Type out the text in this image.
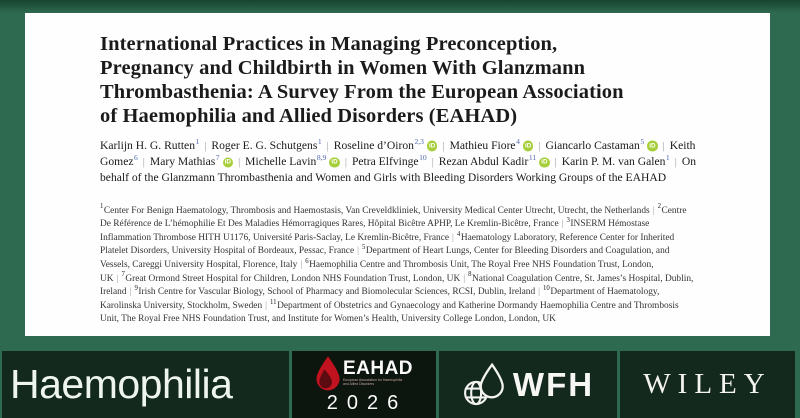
International Practices in Managing Preconception,
Pregnancy and Childbirth in Women With Glanzmann
Thrombasthenia: A Survey From the European Association
of Haemophilia and Allied Disorders (EAHAD)

Karlijn H. G. Rutten$^1$ | Roger E. G. Schutgens$^1$ | Roseline d’Oiron$^{2,3}$ iD | Mathieu Fiore$^4$ iD | Giancarlo Castaman$^5$ iD | Keith Gomez$^6$ | Mary Mathias$^7$ iD | Michelle Lavin$^{8,9}$ iD | Petra Elfvinge$^{10}$ | Rezan Abdul Kadir$^{11}$ iD | Karin P. M. van Galen$^1$ | On behalf of the Glanzmann Thrombasthenia and Women and Girls with Bleeding Disorders Working Groups of the EAHAD

$^1$Center For Benign Haematology, Thrombosis and Haemostasis, Van Creveldkliniek, University Medical Center Utrecht, Utrecht, the Netherlands | $^2$Centre De Référence de L’hémophilie Et Des Maladies Hémorragiques Rares, Hôpital Bicêtre APHP, Le Kremlin-Bicêtre, France | $^3$INSERM Hémostase Inflammation Thrombose HITH U1176, Université Paris-Saclay, Le Kremlin-Bicêtre, France | $^4$Haematology Laboratory, Reference Center for Inherited Platelet Disorders, University Hospital of Bordeaux, Pessac, France | $^5$Department of Heart Lungs, Center for Bleeding Disorders and Coagulation, and Vessels, Careggi University Hospital, Florence, Italy | $^6$Haemophilia Centre and Thrombosis Unit, The Royal Free NHS Foundation Trust, London, UK | $^7$Great Ormond Street Hospital for Children, London NHS Foundation Trust, London, UK | $^8$National Coagulation Centre, St. James’s Hospital, Dublin, Ireland | $^9$Irish Centre for Vascular Biology, School of Pharmacy and Biomolecular Sciences, RCSI, Dublin, Ireland | $^{10}$Department of Haematology, Karolinska University, Stockholm, Sweden | $^{11}$Department of Obstetrics and Gynaecology and Katherine Dormandy Haemophilia Centre and Thrombosis Unit, The Royal Free NHS Foundation Trust, and Institute for Women’s Health, University College London, London, UK

Haemophilia	EAHAD
European Association for Haemophilia and Allied Disorders
2026	WFH WILEY
